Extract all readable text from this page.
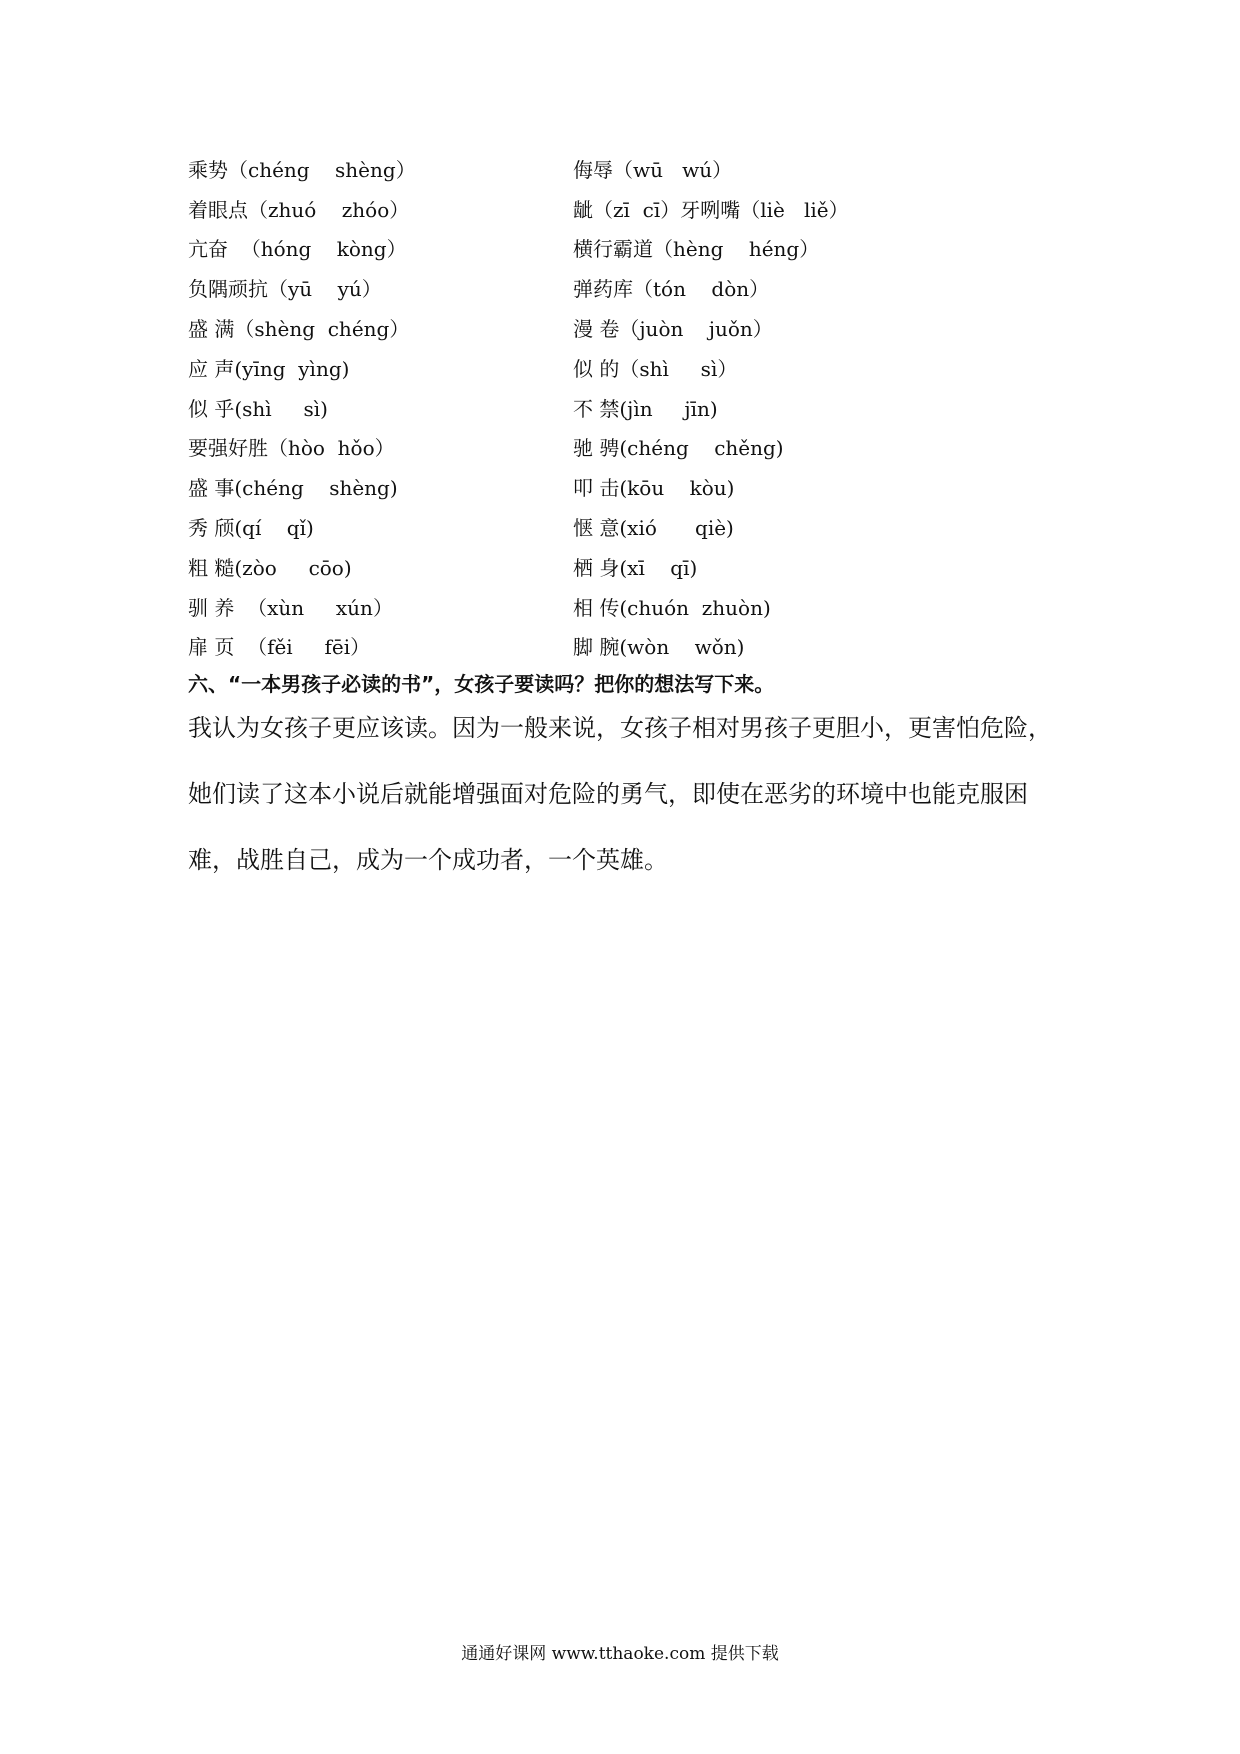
乘势（chéng    shèng）	侮辱（wū   wú）
着眼点（zhuó    zhóo）	龇（zī  cī）牙咧嘴（liè   liě）
亢奋  （hóng    kòng）	横行霸道（hèng    héng）
负隅顽抗（yū    yú）	弹药库（tón    dòn）
盛 满（shèng  chéng）	漫 卷（juòn    juǒn）
应 声(yīng  yìng)	似 的（shì     sì）
似 乎(shì     sì)	不 禁(jìn     jīn)
要强好胜（hòo  hǒo）	驰 骋(chéng    chěng)
盛 事(chéng    shèng)	叩 击(kōu    kòu)
秀 颀(qí    qǐ)	惬 意(xió      qiè)
粗 糙(zòo     cōo)	栖 身(xī    qī)
驯 养  （xùn     xún）	相 传(chuón  zhuòn)
扉 页  （fěi     fēi）	脚 腕(wòn    wǒn)
六、“一本男孩子必读的书”，女孩子要读吗？把你的想法写下来。
我认为女孩子更应该读。因为一般来说，女孩子相对男孩子更胆小，更害怕危险，
她们读了这本小说后就能增强面对危险的勇气，即使在恶劣的环境中也能克服困
难，战胜自己，成为一个成功者，一个英雄。
通通好课网 www.tthaoke.com 提供下载
